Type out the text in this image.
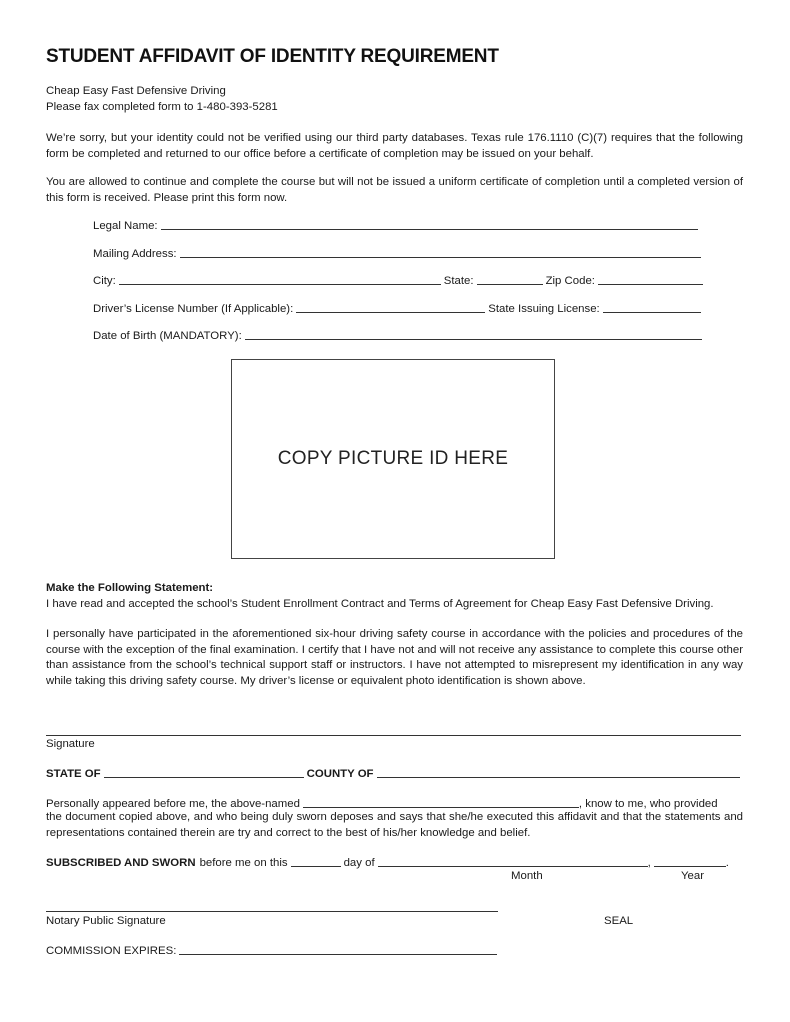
STUDENT AFFIDAVIT OF IDENTITY REQUIREMENT
Cheap Easy Fast Defensive Driving
Please fax completed form to 1-480-393-5281
We’re sorry, but your identity could not be verified using our third party databases. Texas rule 176.1110 (C)(7) requires that the following form be completed and returned to our office before a certificate of completion may be issued on your behalf.
You are allowed to continue and complete the course but will not be issued a uniform certificate of completion until a completed version of this form is received. Please print this form now.
Legal Name:
Mailing Address:
City:	State:	Zip Code:
Driver’s License Number (If Applicable):	State Issuing License:
Date of Birth (MANDATORY):
COPY PICTURE ID HERE
Make the Following Statement:
I have read and accepted the school’s Student Enrollment Contract and Terms of Agreement for Cheap Easy Fast Defensive Driving.
I personally have participated in the aforementioned six-hour driving safety course in accordance with the policies and procedures of the course with the exception of the final examination. I certify that I have not and will not receive any assistance to complete this course other than assistance from the school’s technical support staff or instructors. I have not attempted to misrepresent my identification in any way while taking this driving safety course. My driver’s license or equivalent photo identification is shown above.
Signature
STATE OF	COUNTY OF
Personally appeared before me, the above-named	, know to me, who provided
the document copied above, and who being duly sworn deposes and says that she/he executed this affidavit and that the statements and representations contained therein are try and correct to the best of his/her knowledge and belief.
SUBSCRIBED AND SWORN before me on this	day of	,	.
Month	Year
Notary Public Signature	SEAL
COMMISSION EXPIRES:
